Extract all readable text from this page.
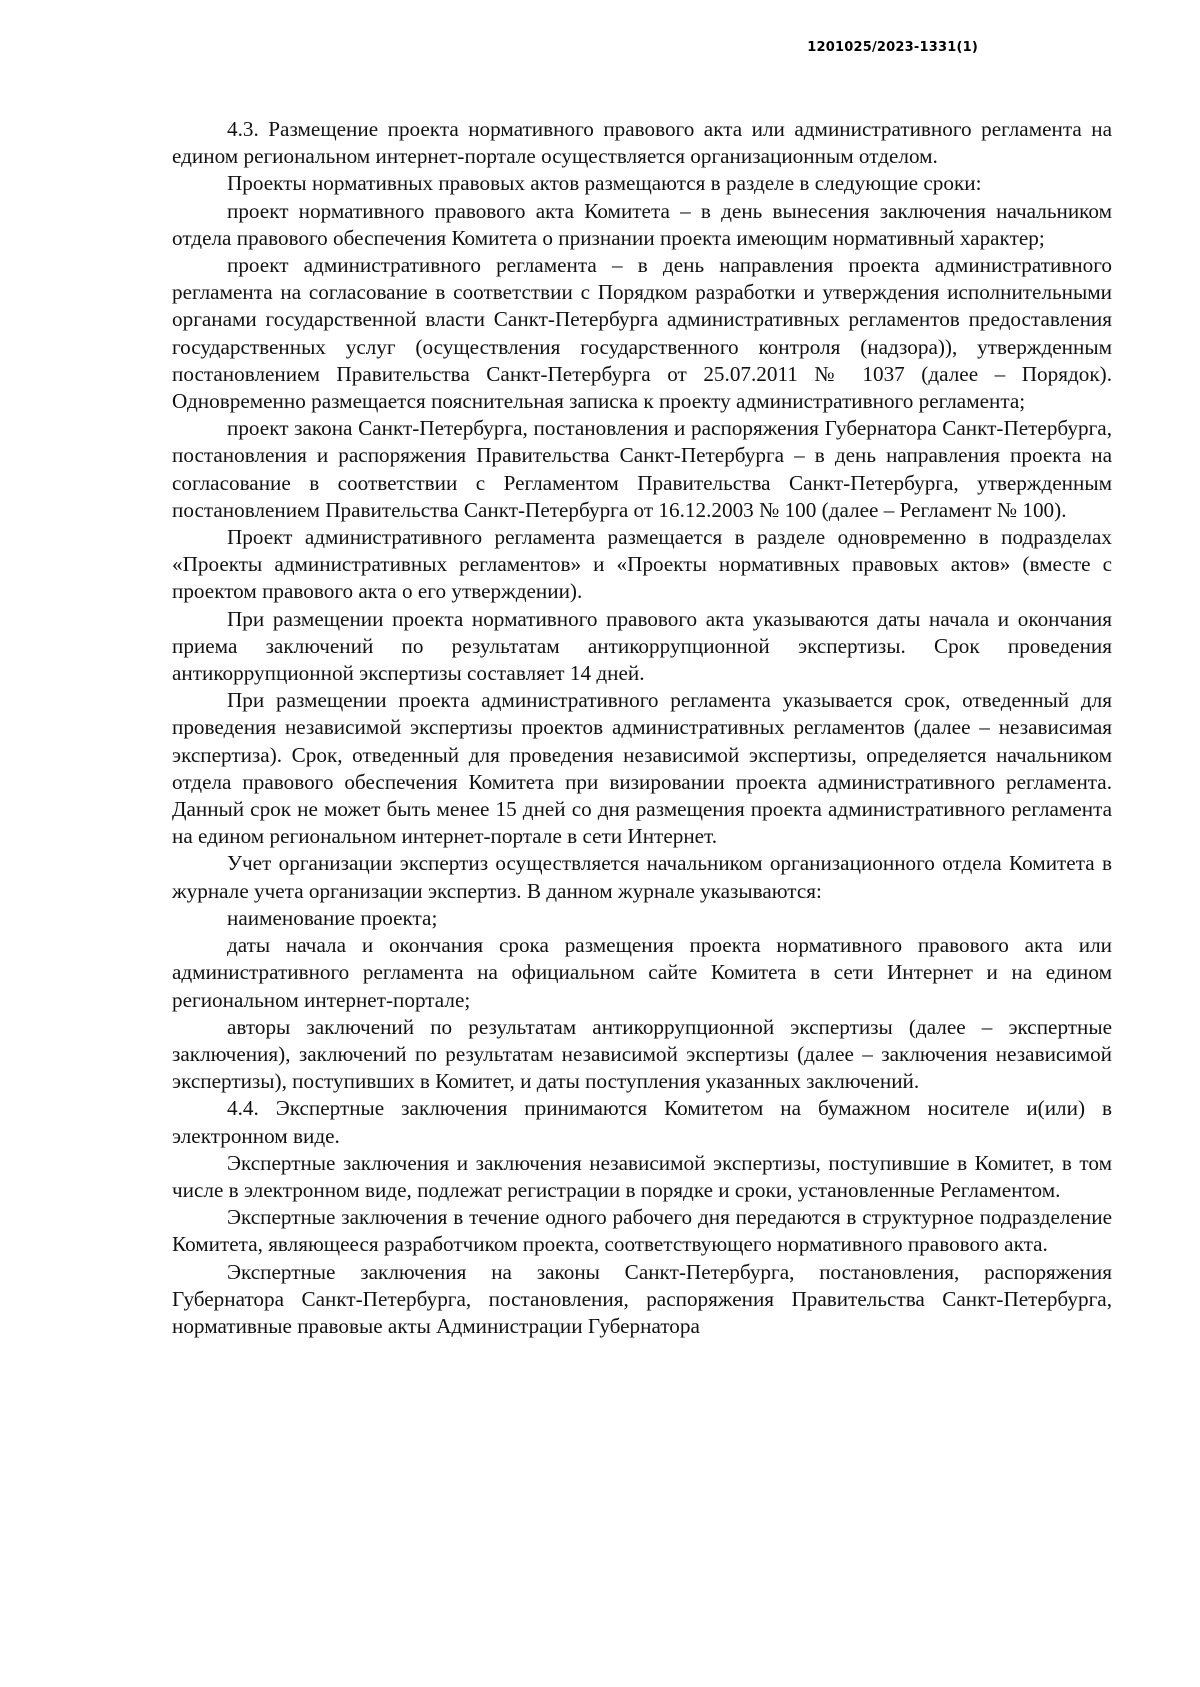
1201025/2023-1331(1)

4.3. Размещение проекта нормативного правового акта или административного регламента на едином региональном интернет-портале осуществляется организационным отделом.

Проекты нормативных правовых актов размещаются в разделе в следующие сроки:

проект нормативного правового акта Комитета – в день вынесения заключения начальником отдела правового обеспечения Комитета о признании проекта имеющим нормативный характер;

проект административного регламента – в день направления проекта административного регламента на согласование в соответствии с Порядком разработки и утверждения исполнительными органами государственной власти Санкт-Петербурга административных регламентов предоставления государственных услуг (осуществления государственного контроля (надзора)), утвержденным постановлением Правительства Санкт-Петербурга от 25.07.2011 № 1037 (далее – Порядок). Одновременно размещается пояснительная записка к проекту административного регламента;

проект закона Санкт-Петербурга, постановления и распоряжения Губернатора Санкт-Петербурга, постановления и распоряжения Правительства Санкт-Петербурга – в день направления проекта на согласование в соответствии с Регламентом Правительства Санкт-Петербурга, утвержденным постановлением Правительства Санкт-Петербурга от 16.12.2003 № 100 (далее – Регламент № 100).

Проект административного регламента размещается в разделе одновременно в подразделах «Проекты административных регламентов» и «Проекты нормативных правовых актов» (вместе с проектом правового акта о его утверждении).

При размещении проекта нормативного правового акта указываются даты начала и окончания приема заключений по результатам антикоррупционной экспертизы. Срок проведения антикоррупционной экспертизы составляет 14 дней.

При размещении проекта административного регламента указывается срок, отведенный для проведения независимой экспертизы проектов административных регламентов (далее – независимая экспертиза). Срок, отведенный для проведения независимой экспертизы, определяется начальником отдела правового обеспечения Комитета при визировании проекта административного регламента. Данный срок не может быть менее 15 дней со дня размещения проекта административного регламента на едином региональном интернет-портале в сети Интернет.

Учет организации экспертиз осуществляется начальником организационного отдела Комитета в журнале учета организации экспертиз. В данном журнале указываются:

наименование проекта;

даты начала и окончания срока размещения проекта нормативного правового акта или административного регламента на официальном сайте Комитета в сети Интернет и на едином региональном интернет-портале;

авторы заключений по результатам антикоррупционной экспертизы (далее – экспертные заключения), заключений по результатам независимой экспертизы (далее – заключения независимой экспертизы), поступивших в Комитет, и даты поступления указанных заключений.

4.4. Экспертные заключения принимаются Комитетом на бумажном носителе и(или) в электронном виде.

Экспертные заключения и заключения независимой экспертизы, поступившие в Комитет, в том числе в электронном виде, подлежат регистрации в порядке и сроки, установленные Регламентом.

Экспертные заключения в течение одного рабочего дня передаются в структурное подразделение Комитета, являющееся разработчиком проекта, соответствующего нормативного правового акта.

Экспертные заключения на законы Санкт-Петербурга, постановления, распоряжения Губернатора Санкт-Петербурга, постановления, распоряжения Правительства Санкт-Петербурга, нормативные правовые акты Администрации Губернатора
